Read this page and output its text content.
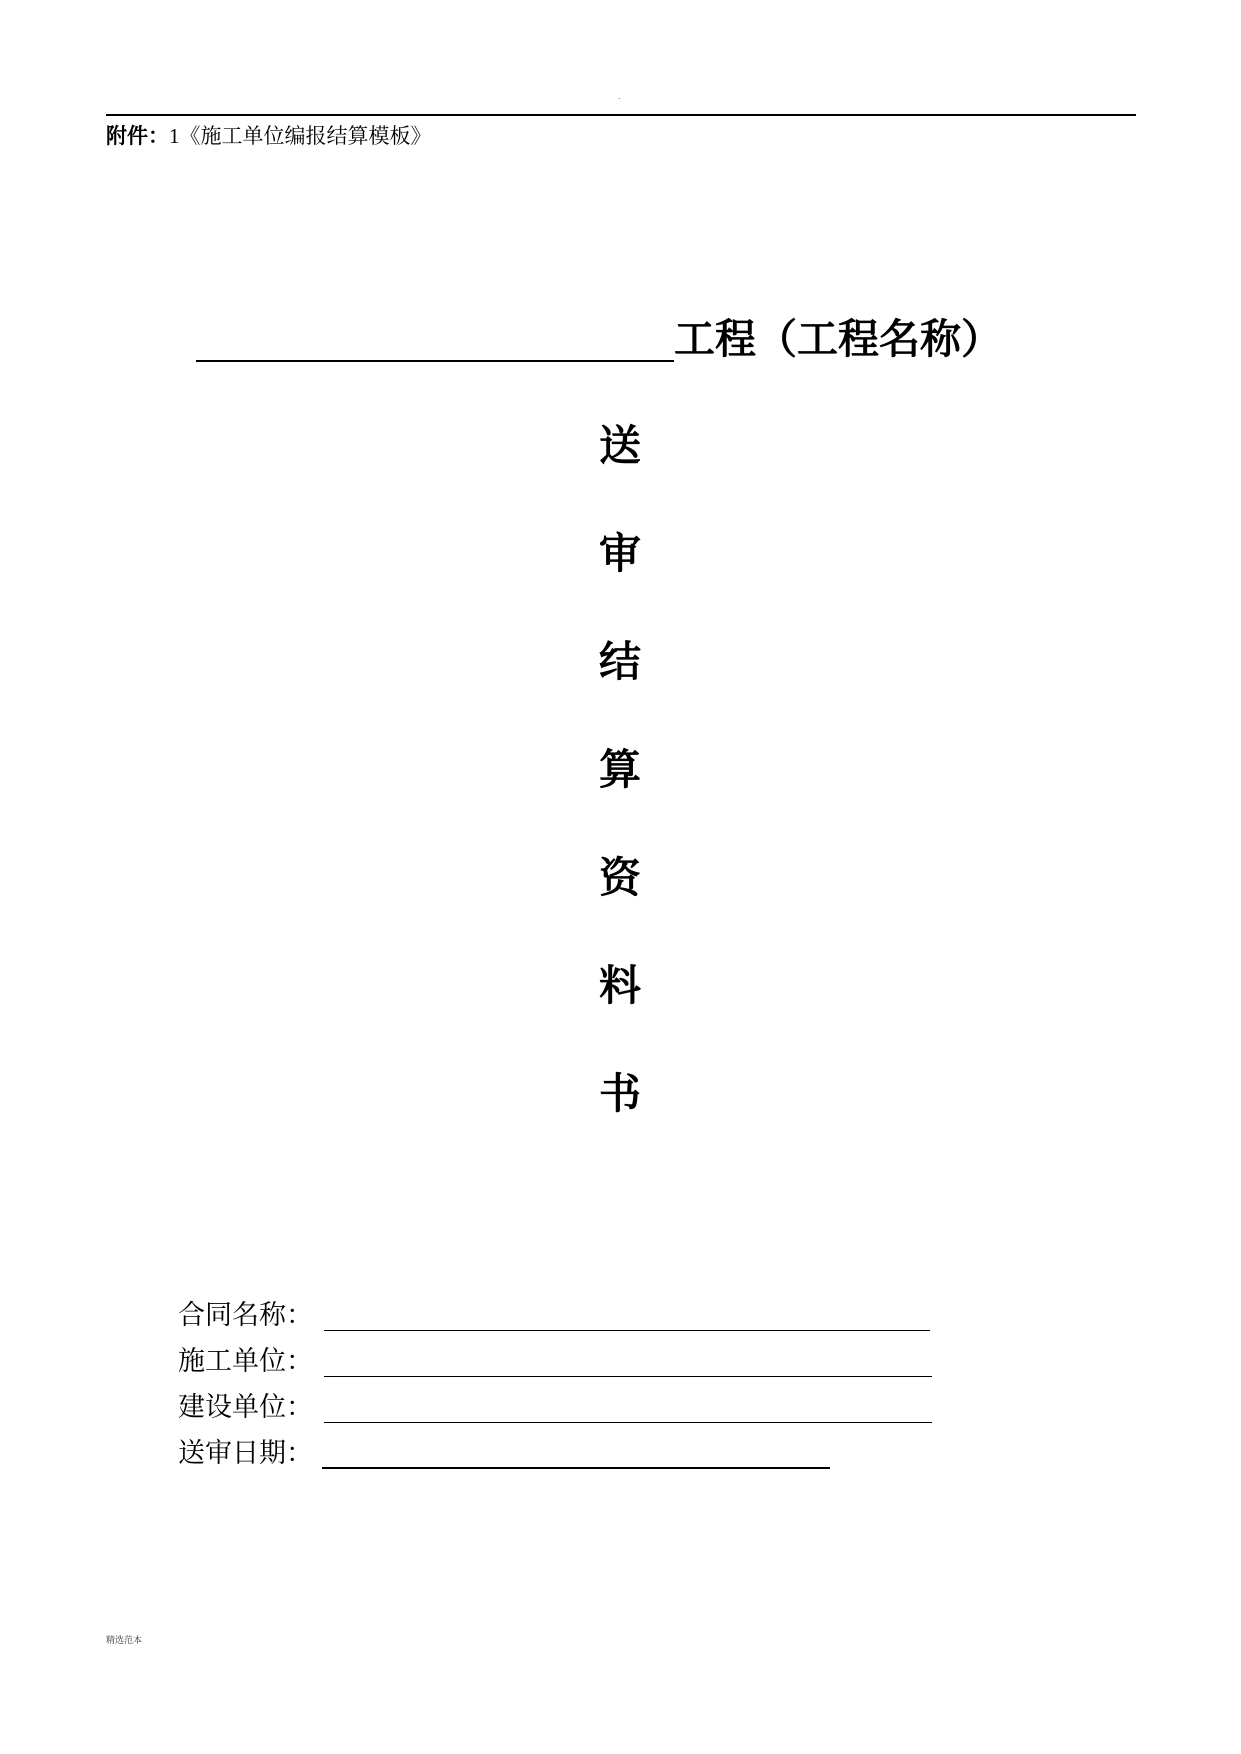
.
附件：1《施工单位编报结算模板》
工程（工程名称）
送
审
结
算
资
料
书
合同名称：
施工单位：
建设单位：
送审日期：
精选范本
